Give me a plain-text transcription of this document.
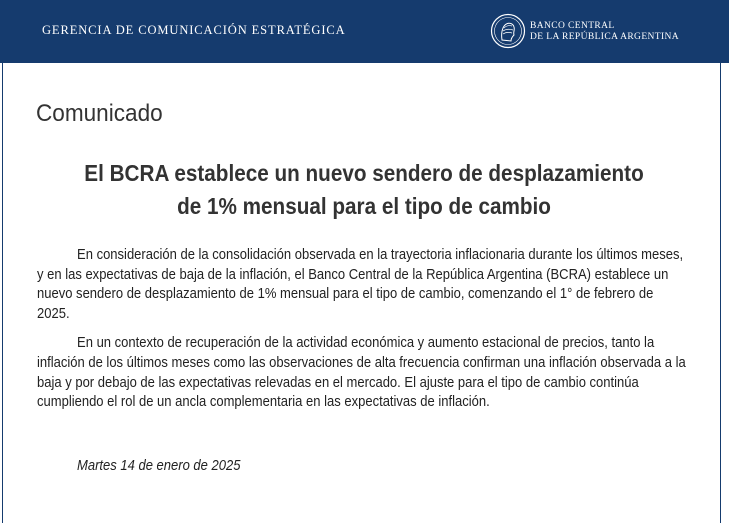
GERENCIA DE COMUNICACIÓN ESTRATÉGICA	BANCO CENTRAL
DE LA REPÚBLICA ARGENTINA
Comunicado
El BCRA establece un nuevo sendero de desplazamiento
de 1% mensual para el tipo de cambio

En consideración de la consolidación observada en la trayectoria inflacionaria durante los últimos meses, y en las expectativas de baja de la inflación, el Banco Central de la República Argentina (BCRA) establece un nuevo sendero de desplazamiento de 1% mensual para el tipo de cambio, comenzando el 1° de febrero de 2025.

En un contexto de recuperación de la actividad económica y aumento estacional de precios, tanto la inflación de los últimos meses como las observaciones de alta frecuencia confirman una inflación observada a la baja y por debajo de las expectativas relevadas en el mercado. El ajuste para el tipo de cambio continúa cumpliendo el rol de un ancla complementaria en las expectativas de inflación.

Martes 14 de enero de 2025
